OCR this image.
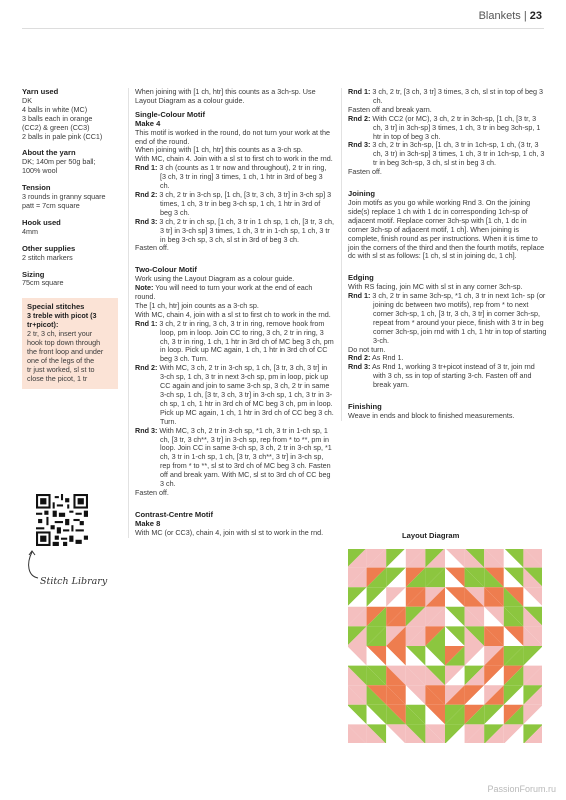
Blankets | 23
Yarn used

DK

4 balls in white (MC)

3 balls each in orange

(CC2) & green (CC3)

2 balls in pale pink (CC1)

About the yarn

DK; 140m per 50g ball;

100% wool

Tension

3 rounds in granny square

patt = 7cm square

Hook used

4mm

Other supplies

2 stitch markers

Sizing

75cm square

Special stitches

3 treble with picot (3

tr+picot):

2 tr, 3 ch, insert your

hook top down through

the front loop and under

one of the legs of the

tr just worked, sl st to

close the picot, 1 tr

Stitch Library

When joining with [1 ch, htr] this counts as a 3ch-sp. Use Layout Diagram as a colour guide.

Single-Colour Motif
Make 4

This motif is worked in the round, do not turn your work at the end of the round.

When joining with [1 ch, htr] this counts as a 3-ch sp.

With MC, chain 4. Join with a sl st to first ch to work in the rnd.

Rnd 1: 3 ch (counts as 1 tr now and throughout), 2 tr in ring, [3 ch, 3 tr in ring] 3 times, 1 ch, 1 htr in 3rd of beg 3 ch.

Rnd 2: 3 ch, 2 tr in 3-ch sp, [1 ch, [3 tr, 3 ch, 3 tr] in 3-ch sp] 3 times, 1 ch, 3 tr in beg 3-ch sp, 1 ch, 1 htr in 3rd of beg 3 ch.

Rnd 3: 3 ch, 2 tr in ch sp, [1 ch, 3 tr in 1 ch sp, 1 ch, [3 tr, 3 ch, 3 tr] in 3-ch sp] 3 times, 1 ch, 3 tr in 1-ch sp, 1 ch, 3 tr in beg 3-ch sp, 3 ch, sl st in 3rd of beg 3 ch.

Fasten off.

Two-Colour Motif

Work using the Layout Diagram as a colour guide.

Note: You will need to turn your work at the end of each round.

The [1 ch, htr] join counts as a 3-ch sp.

With MC, chain 4, join with a sl st to first ch to work in the rnd.

Rnd 1: 3 ch, 2 tr in ring, 3 ch, 3 tr in ring, remove hook from loop, pm in loop. Join CC to ring, 3 ch, 2 tr in ring, 3 ch, 3 tr in ring, 1 ch, 1 htr in 3rd ch of MC beg 3 ch, pm in loop. Pick up MC again, 1 ch, 1 htr in 3rd ch of CC beg 3 ch. Turn.

Rnd 2: With MC, 3 ch, 2 tr in 3-ch sp, 1 ch, [3 tr, 3 ch, 3 tr] in 3-ch sp, 1 ch, 3 tr in next 3-ch sp, pm in loop, pick up CC again and join to same 3-ch sp, 3 ch, 2 tr in same 3-ch sp, 1 ch, [3 tr, 3 ch, 3 tr] in 3-ch sp, 1 ch, 3 tr in 3-ch sp, 1 ch, 1 htr in 3rd ch of MC beg 3 ch, pm in loop. Pick up MC again, 1 ch, 1 htr in 3rd ch of CC beg 3 ch. Turn.

Rnd 3: With MC, 3 ch, 2 tr in 3-ch sp, *1 ch, 3 tr in 1-ch sp, 1 ch, [3 tr, 3 ch**, 3 tr] in 3-ch sp, rep from * to **, pm in loop. Join CC in same 3-ch sp, 3 ch, 2 tr in 3-ch sp, *1 ch, 3 tr in 1-ch sp, 1 ch, [3 tr, 3 ch**, 3 tr] in 3-ch sp, rep from * to **, sl st to 3rd ch of MC beg 3 ch. Fasten off and break yarn. With MC, sl st to 3rd ch of CC beg 3 ch.

Fasten off.

Contrast-Centre Motif
Make 8

With MC (or CC3), chain 4, join with sl st to work in the rnd.

Rnd 1: 3 ch, 2 tr, [3 ch, 3 tr] 3 times, 3 ch, sl st in top of beg 3 ch.

Fasten off and break yarn.

Rnd 2: With CC2 (or MC), 3 ch, 2 tr in 3ch-sp, [1 ch, [3 tr, 3 ch, 3 tr] in 3ch-sp] 3 times, 1 ch, 3 tr in beg 3ch-sp, 1 htr in top of beg 3 ch.

Rnd 3: 3 ch, 2 tr in 3ch-sp, [1 ch, 3 tr in 1ch-sp, 1 ch, (3 tr, 3 ch, 3 tr) in 3ch-sp] 3 times, 1 ch, 3 tr in 1ch-sp, 1 ch, 3 tr in beg 3ch-sp, 3 ch, sl st in beg 3 ch.

Fasten off.

Joining

Join motifs as you go while working Rnd 3. On the joining side(s) replace 1 ch with 1 dc in corresponding 1ch-sp of adjacent motif. Replace corner 3ch-sp with [1 ch, 1 dc in corner 3ch-sp of adjacent motif, 1 ch]. When joining is complete, finish round as per instructions. When it is time to join the corners of the third and then the fourth motifs, replace dc with sl st as follows: [1 ch, sl st in joining dc, 1 ch].

Edging

With RS facing, join MC with sl st in any corner 3ch-sp.

Rnd 1: 3 ch, 2 tr in same 3ch-sp, *1 ch, 3 tr in next 1ch- sp (or joining dc between two motifs), rep from * to next corner 3ch-sp, 1 ch, [3 tr, 3 ch, 3 tr] in corner 3ch-sp, repeat from * around your piece, finish with 3 tr in beg corner 3ch-sp, join rnd with 1 ch, 1 htr in top of starting 3-ch.

Do not turn.

Rnd 2: As Rnd 1.

Rnd 3: As Rnd 1, working 3 tr+picot instead of 3 tr, join rnd with 3 ch, ss in top of starting 3-ch. Fasten off and break yarn.

Finishing

Weave in ends and block to finished measurements.

Layout Diagram
PassionForum.ru
